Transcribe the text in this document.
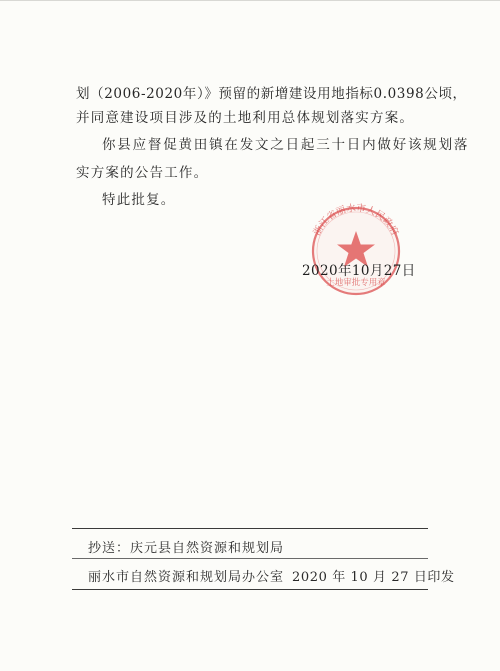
划（2006-2020年）》预留的新增建设用地指标0.0398公顷，
并同意建设项目涉及的土地利用总体规划落实方案。
你县应督促黄田镇在发文之日起三十日内做好该规划落
实方案的公告工作。
特此批复。
浙江省丽水市人民政府
土地审批专用章
2020年10月27日
抄送：庆元县自然资源和规划局
丽水市自然资源和规划局办公室 2020 年 10 月 27 日印发
